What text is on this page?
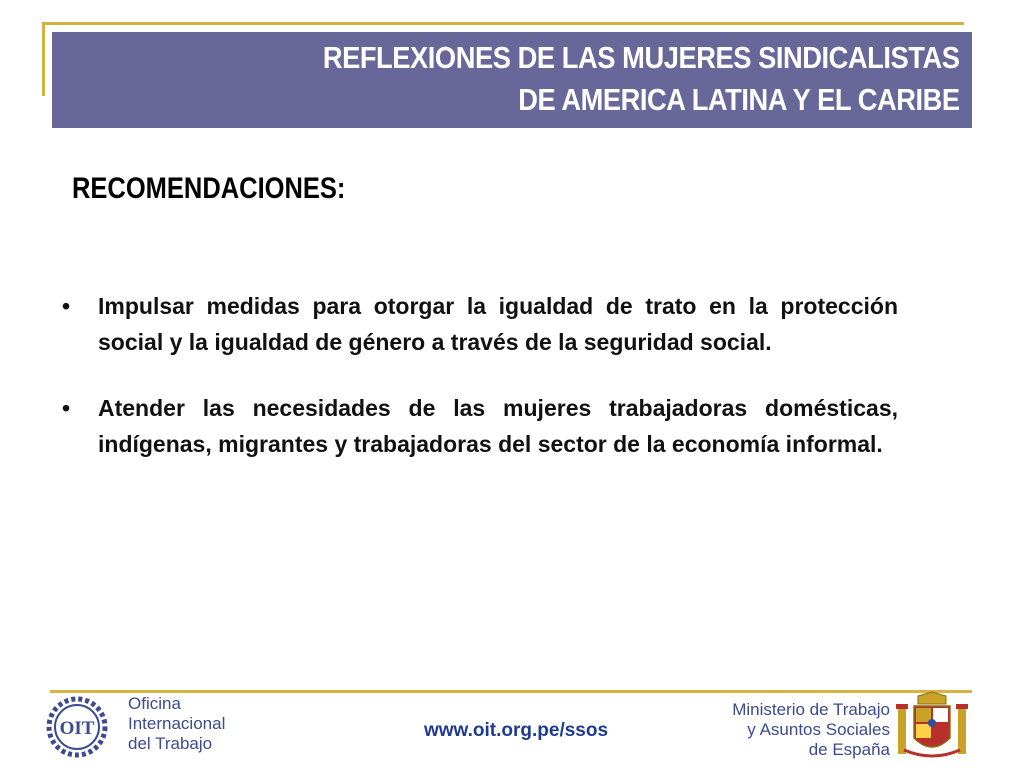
REFLEXIONES DE LAS MUJERES SINDICALISTAS
DE AMERICA LATINA Y EL CARIBE
RECOMENDACIONES:
• Impulsar medidas para otorgar la igualdad de trato en la protección social y la igualdad de género a través de la seguridad social.
• Atender las necesidades de las mujeres trabajadoras domésticas, indígenas, migrantes y trabajadoras del sector de la economía informal.
OIT
Oficina
Internacional
del Trabajo
www.oit.org.pe/ssos
Ministerio de Trabajo
y Asuntos Sociales
de España
